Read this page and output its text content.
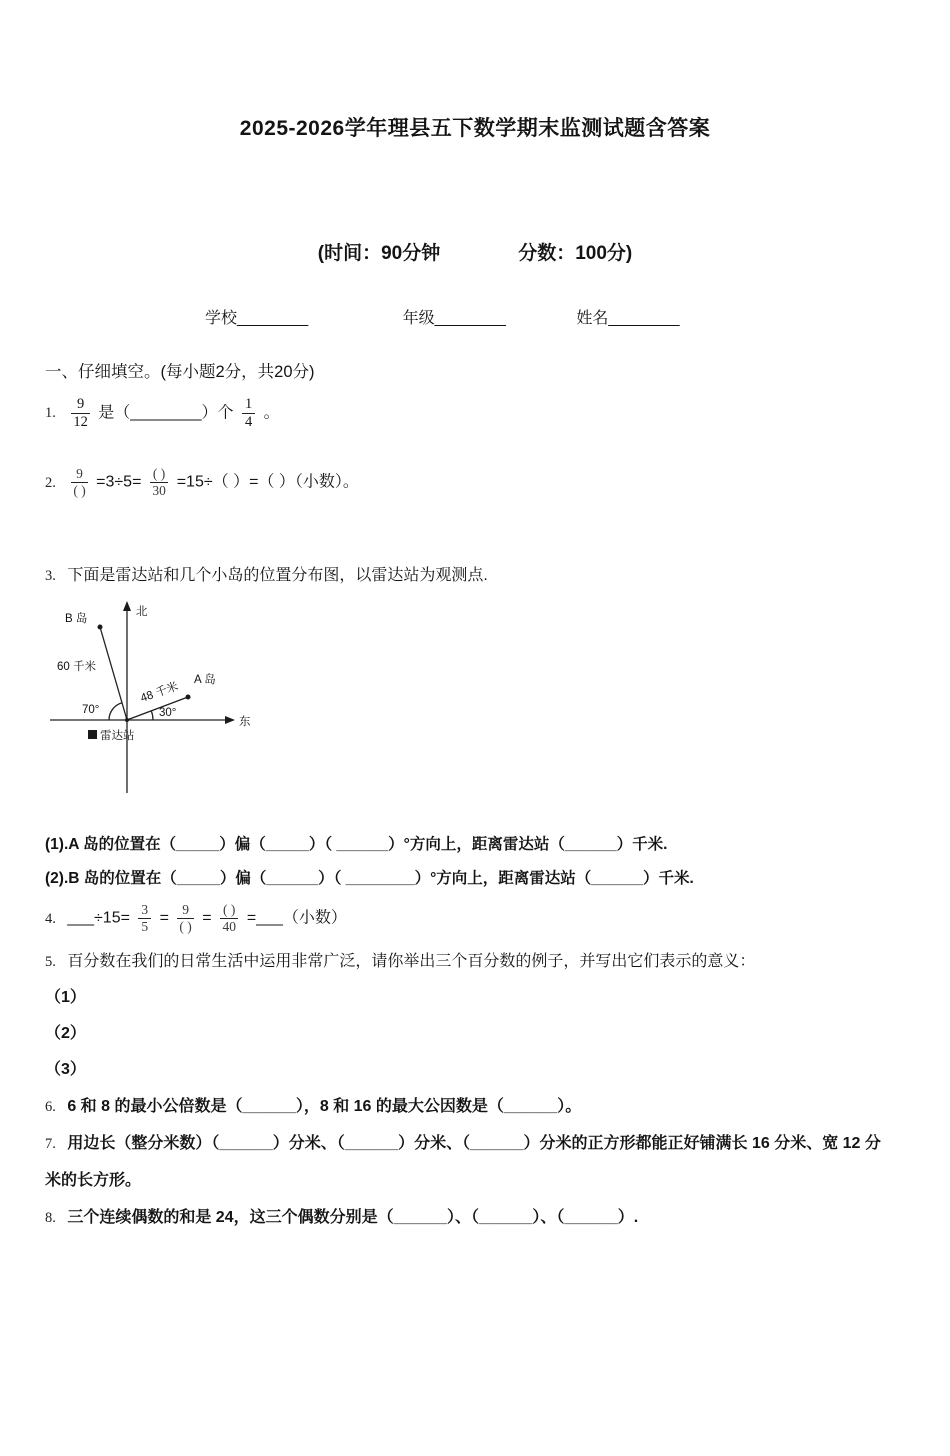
2025-2026学年理县五下数学期末监测试题含答案
(时间：90分钟	分数：100分)
学校________	年级________	姓名________
一、仔细填空。(每小题2分，共20分)
1. $\frac{9}{12}$ 是（________）个 $\frac{1}{4}$ 。
2. $\frac{9}{( )} =3\div 5= \frac{( )}{30} =15\div$（ ）=（ ）（小数）。
3. 下面是雷达站和几个小岛的位置分布图，以雷达站为观测点.
北
东
B 岛
60 千米
A 岛
48 千米
70°	30°
雷达站
(1).A 岛的位置在（_____）偏（_____）（ ______）°方向上，距离雷达站（______）千米.
(2).B 岛的位置在（_____）偏（______）（ ________）°方向上，距离雷达站（______）千米.
4. ___÷15= $\frac{3}{5} = \frac{9}{( )} = \frac{( )}{40}$ =___（小数）
5. 百分数在我们的日常生活中运用非常广泛，请你举出三个百分数的例子，并写出它们表示的意义：
（1）
（2）
（3）
6. 6 和 8 的最小公倍数是（______），8 和 16 的最大公因数是（______）。
7. 用边长（整分米数）（______）分米、（______）分米、（______）分米的正方形都能正好铺满长 16 分米、宽 12 分
米的长方形。
8. 三个连续偶数的和是 24，这三个偶数分别是（______）、（______）、（______）.
